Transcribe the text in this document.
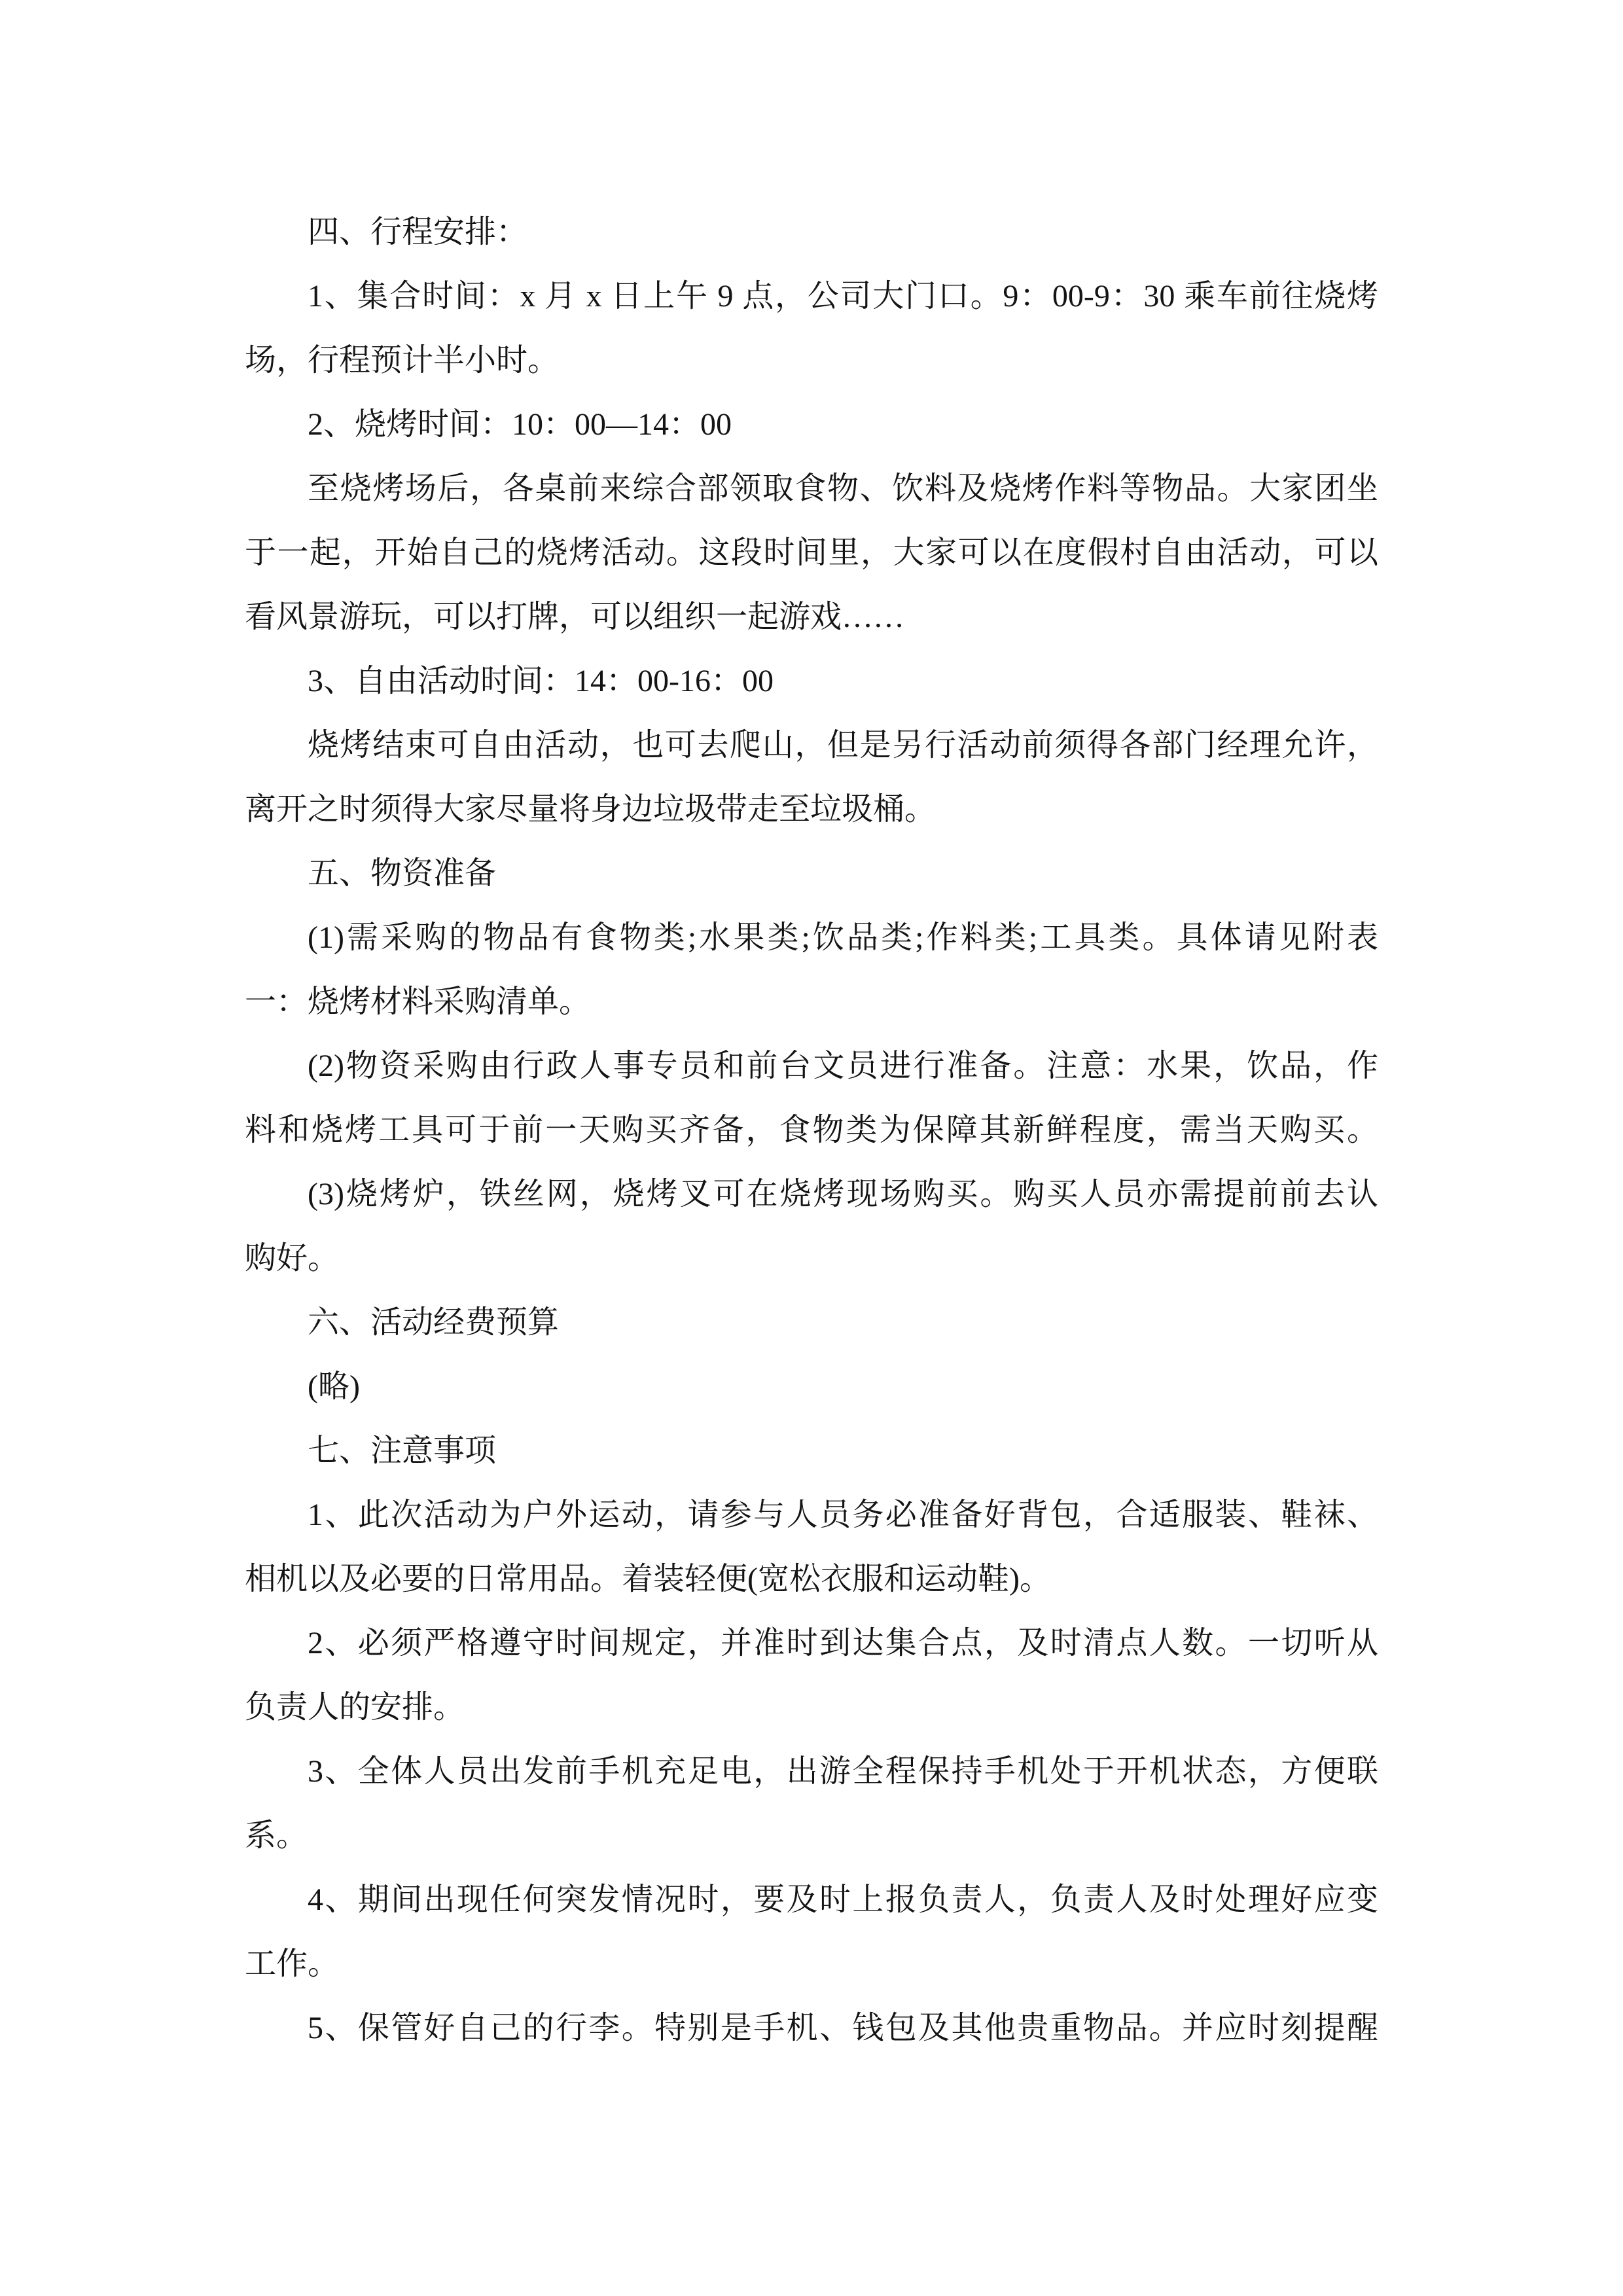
四、行程安排：
1、集合时间：x 月 x 日上午 9 点，公司大门口。9：00-9：30 乘车前往烧烤
场，行程预计半小时。
2、烧烤时间：10：00—14：00
至烧烤场后，各桌前来综合部领取食物、饮料及烧烤作料等物品。大家团坐
于一起，开始自己的烧烤活动。这段时间里，大家可以在度假村自由活动，可以
看风景游玩，可以打牌，可以组织一起游戏……
3、自由活动时间：14：00-16：00
烧烤结束可自由活动，也可去爬山，但是另行活动前须得各部门经理允许，
离开之时须得大家尽量将身边垃圾带走至垃圾桶。
五、物资准备
(1)需采购的物品有食物类;水果类;饮品类;作料类;工具类。具体请见附表
一：烧烤材料采购清单。
(2)物资采购由行政人事专员和前台文员进行准备。注意：水果，饮品，作
料和烧烤工具可于前一天购买齐备，食物类为保障其新鲜程度，需当天购买。
(3)烧烤炉，铁丝网，烧烤叉可在烧烤现场购买。购买人员亦需提前前去认
购好。
六、活动经费预算
(略)
七、注意事项
1、此次活动为户外运动，请参与人员务必准备好背包，合适服装、鞋袜、
相机以及必要的日常用品。着装轻便(宽松衣服和运动鞋)。
2、必须严格遵守时间规定，并准时到达集合点，及时清点人数。一切听从
负责人的安排。
3、全体人员出发前手机充足电，出游全程保持手机处于开机状态，方便联
系。
4、期间出现任何突发情况时，要及时上报负责人，负责人及时处理好应变
工作。
5、保管好自己的行李。特别是手机、钱包及其他贵重物品。并应时刻提醒
